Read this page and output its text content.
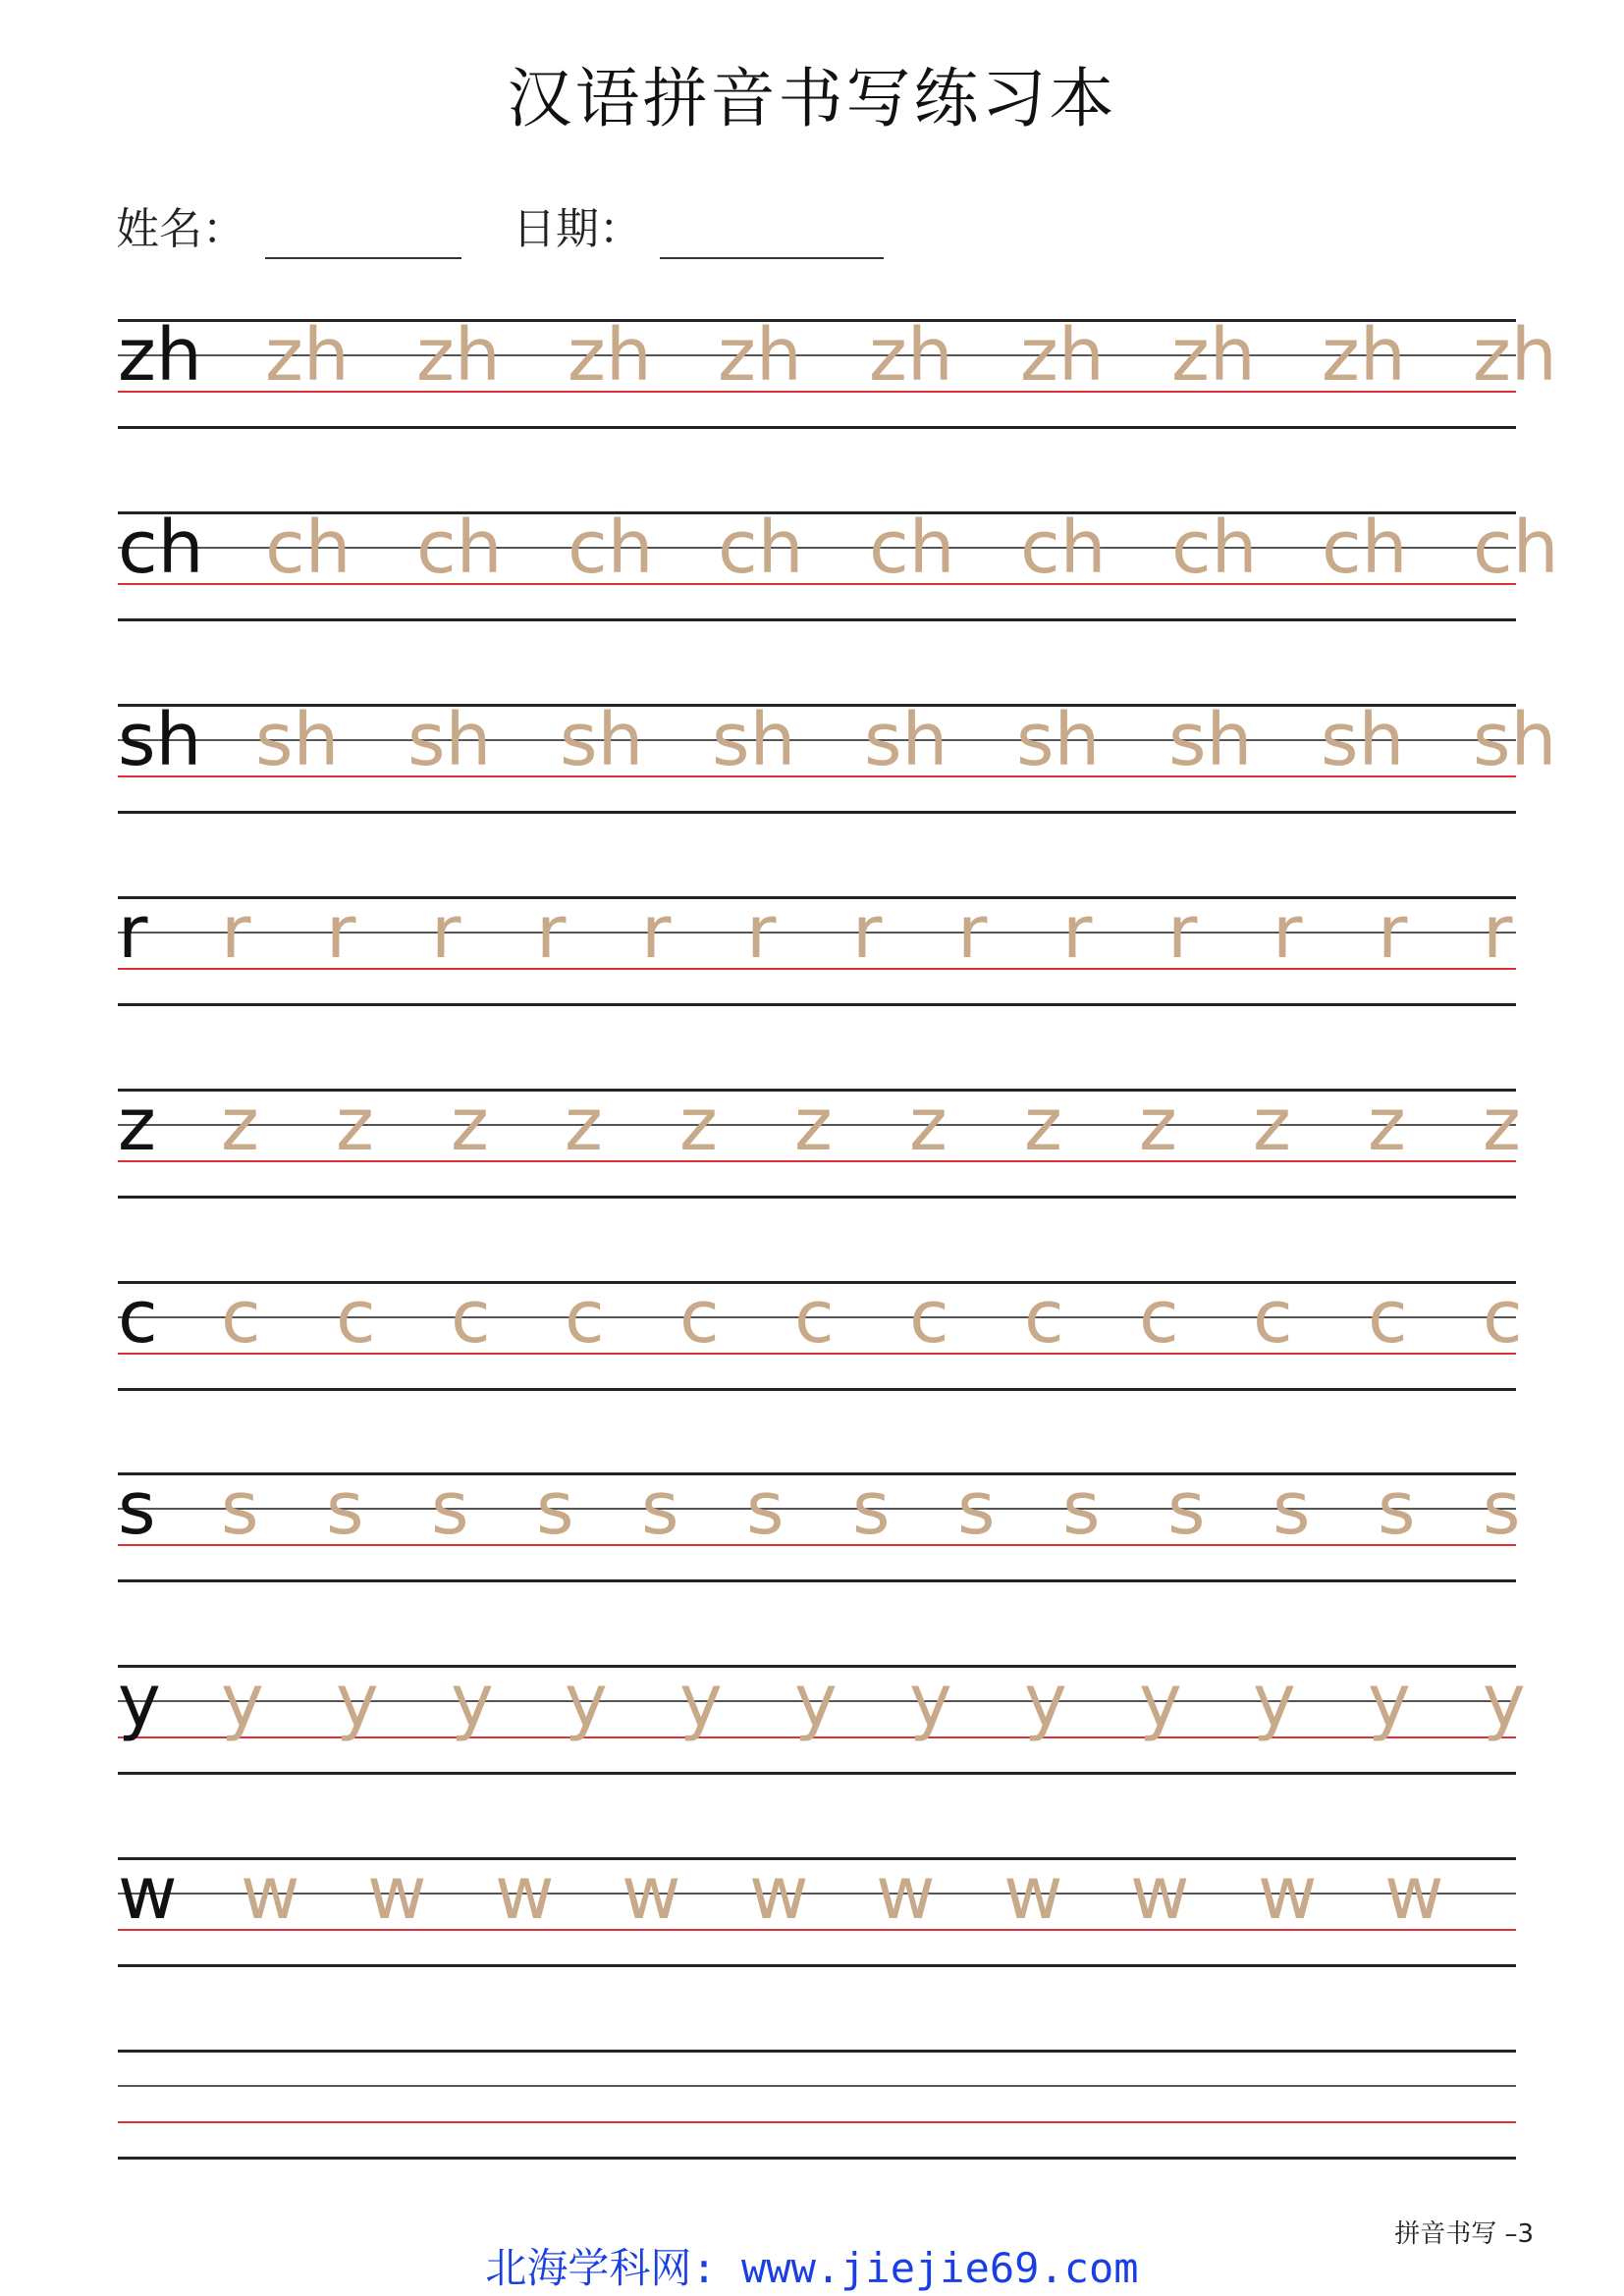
汉语拼音书写练习本
姓名：	日期：
zh zh zh zh zh zh zh zh zh zh
ch ch ch ch ch ch ch ch ch ch
sh sh sh sh sh sh sh sh sh sh
r r r r r r r r r r r r r r
z z z z z z z z z z z z z
c c c c c c c c c c c c c
s s s s s s s s s s s s s s
y y y y y y y y y y y y y
w w w w w w w w w w w
拼音书写 –3
北海学科网: www.jiejie69.com
